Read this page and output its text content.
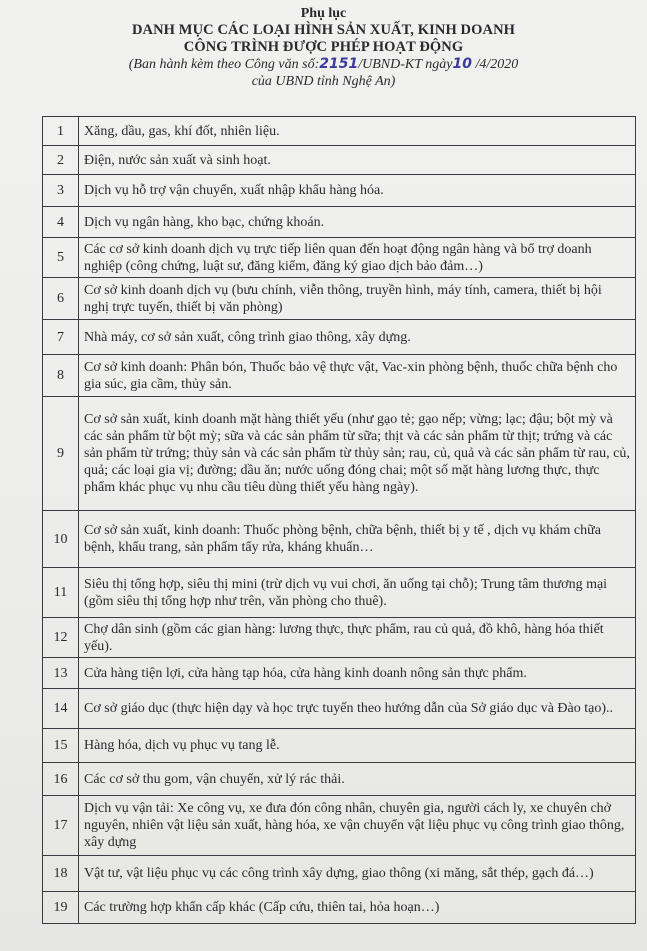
Phụ lục
DANH MỤC CÁC LOẠI HÌNH SẢN XUẤT, KINH DOANH
CÔNG TRÌNH ĐƯỢC PHÉP HOẠT ĐỘNG
(Ban hành kèm theo Công văn số:2151/UBND-KT ngày10 /4/2020
của UBND tỉnh Nghệ An)
1	Xăng, dầu, gas, khí đốt, nhiên liệu.
2	Điện, nước sản xuất và sinh hoạt.
3	Dịch vụ hỗ trợ vận chuyển, xuất nhập khẩu hàng hóa.
4	Dịch vụ ngân hàng, kho bạc, chứng khoán.
5	Các cơ sở kinh doanh dịch vụ trực tiếp liên quan đến hoạt động ngân hàng và bổ trợ doanh nghiệp (công chứng, luật sư, đăng kiểm, đăng ký giao dịch bảo đảm…)
6	Cơ sở kinh doanh dịch vụ (bưu chính, viễn thông, truyền hình, máy tính, camera, thiết bị hội nghị trực tuyến, thiết bị văn phòng)
7	Nhà máy, cơ sở sản xuất, công trình giao thông, xây dựng.
8	Cơ sở kinh doanh: Phân bón, Thuốc bảo vệ thực vật, Vac-xin phòng bệnh, thuốc chữa bệnh cho gia súc, gia cầm, thủy sản.
9	Cơ sở sản xuất, kinh doanh mặt hàng thiết yếu (như gạo tẻ; gạo nếp; vừng; lạc; đậu; bột mỳ và các sản phẩm từ bột mỳ; sữa và các sản phẩm từ sữa; thịt và các sản phẩm từ thịt; trứng và các sản phẩm từ trứng; thủy sản và các sản phẩm từ thủy sản; rau, củ, quả và các sản phẩm từ rau, củ, quả; các loại gia vị; đường; dầu ăn; nước uống đóng chai; một số mặt hàng lương thực, thực phẩm khác phục vụ nhu cầu tiêu dùng thiết yếu hàng ngày).
10	Cơ sở sản xuất, kinh doanh: Thuốc phòng bệnh, chữa bệnh, thiết bị y tế , dịch vụ khám chữa bệnh, khẩu trang, sản phẩm tẩy rửa, kháng khuẩn…
11	Siêu thị tổng hợp, siêu thị mini (trừ dịch vụ vui chơi, ăn uống tại chỗ); Trung tâm thương mại (gồm siêu thị tổng hợp như trên, văn phòng cho thuê).
12	Chợ dân sinh (gồm các gian hàng: lương thực, thực phẩm, rau củ quả, đồ khô, hàng hóa thiết yếu).
13	Cửa hàng tiện lợi, cửa hàng tạp hóa, cửa hàng kinh doanh nông sản thực phẩm.
14	Cơ sở giáo dục (thực hiện dạy và học trực tuyến theo hướng dẫn của Sở giáo dục và Đào tạo)..
15	Hàng hóa, dịch vụ phục vụ tang lễ.
16	Các cơ sở thu gom, vận chuyển, xử lý rác thải.
17	Dịch vụ vận tải: Xe công vụ, xe đưa đón công nhân, chuyên gia, người cách ly, xe chuyên chở nguyên, nhiên vật liệu sản xuất, hàng hóa, xe vận chuyển vật liệu phục vụ công trình giao thông, xây dựng
18	Vật tư, vật liệu phục vụ các công trình xây dựng, giao thông (xi măng, sắt thép, gạch đá…)
19	Các trường hợp khẩn cấp khác (Cấp cứu, thiên tai, hỏa hoạn…)
